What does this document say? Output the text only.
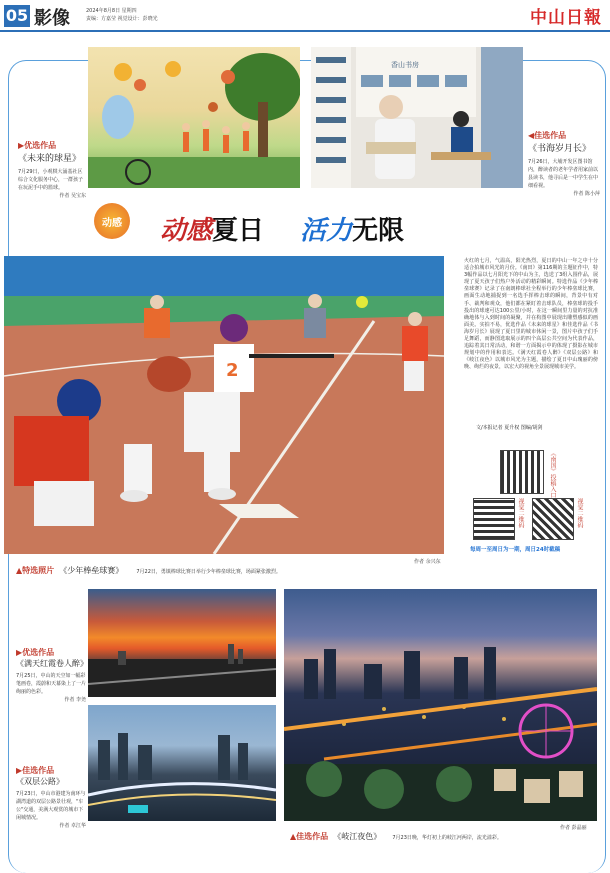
05 影像	2024年8月8日 星期四
责编：方嘉莹 视觉设计：彭晓光	中山日報
▶优选作品
《未来的球星》
7月29日，小观棋大涌基社区综合文化服务中心，一群孩子在玩泥手中的篮球。
作者 吴宝东
香山书房
◀佳选作品
《书海岁月长》
7月26日，大埔开发区图书馆内，醉读者的老年学者用家前以县读书，他寻后是一中学生在中细看视。
作者 陈小萍
动感 动感夏日 活力无限
2
▲特选照片 《少年棒垒球赛》	7月22日，勇镇棒球比赛日举行少年棒垒球比赛，场面紧张激烈。
作者 余兴东
火红的七月，气温高，阳光热烈，夏日的中山一年之中十分适合拍城市风光的月份。《南田》第116期的主题征作中，特3幅作品以七月阳光下的中山为主，选送了3组入围作品，展现了夏天孩子们热户外活动的精彩瞬间。特选作品《少年棒垒球赛》记录了在南朗棒球社全程举行的少年棒垒球比赛，画面生动地捕捉到一名选手挥棒击球的瞬间，背景中有对手、裁判和观众，他们都在紧盯着击球队员，棒垒球的投手投出的球速可达100公里/小时，在这一瞬间里力量的对抗准确地体与入到时间的凝聚，并在构图中展现出雕塑感似的画面美。实拍不易，优选作品《未来的球星》和佳选作品《书海岁月长》展现了夏日里的城市休闲一景，图片中孩子们手足舞蹈，而静图选取展示的四个高层公共空间为代表作品，追踪着其日常活动，和谐一方面揭示中的体现了摄影在城市规划中的作用和表达。《满天红霞卷人醉》《双层公路》和《岐江夜色》以城市风光为主题，描绘了夏日中山瑰丽的傍晚、绚烂的夜景，以宏大的视角全景展现城市美学。
文/本报记者 夏升权 图编/胡剑
《南国》投稿入口
视觉二维码	视觉二维码
每周一至周日为一期，周日24时截稿
▶优选作品
《满天红霞卷人醉》
7月25日，中山的天空如一幅彩笔画卷，霞蔚和天幕染上了一片绚丽的色彩。
作者 李尧
▶佳选作品
《双层公路》
7月23日，中山市港建为南环与湖湾道的双层公路景壮观，"车公"交通，美满大观赏的城市下闲城情况。
作者 卓江华
▲佳选作品 《岐江夜色》 7月23日晚，华灯初上的岐江河两岸，流光溢彩。
作者 彭晶丽
